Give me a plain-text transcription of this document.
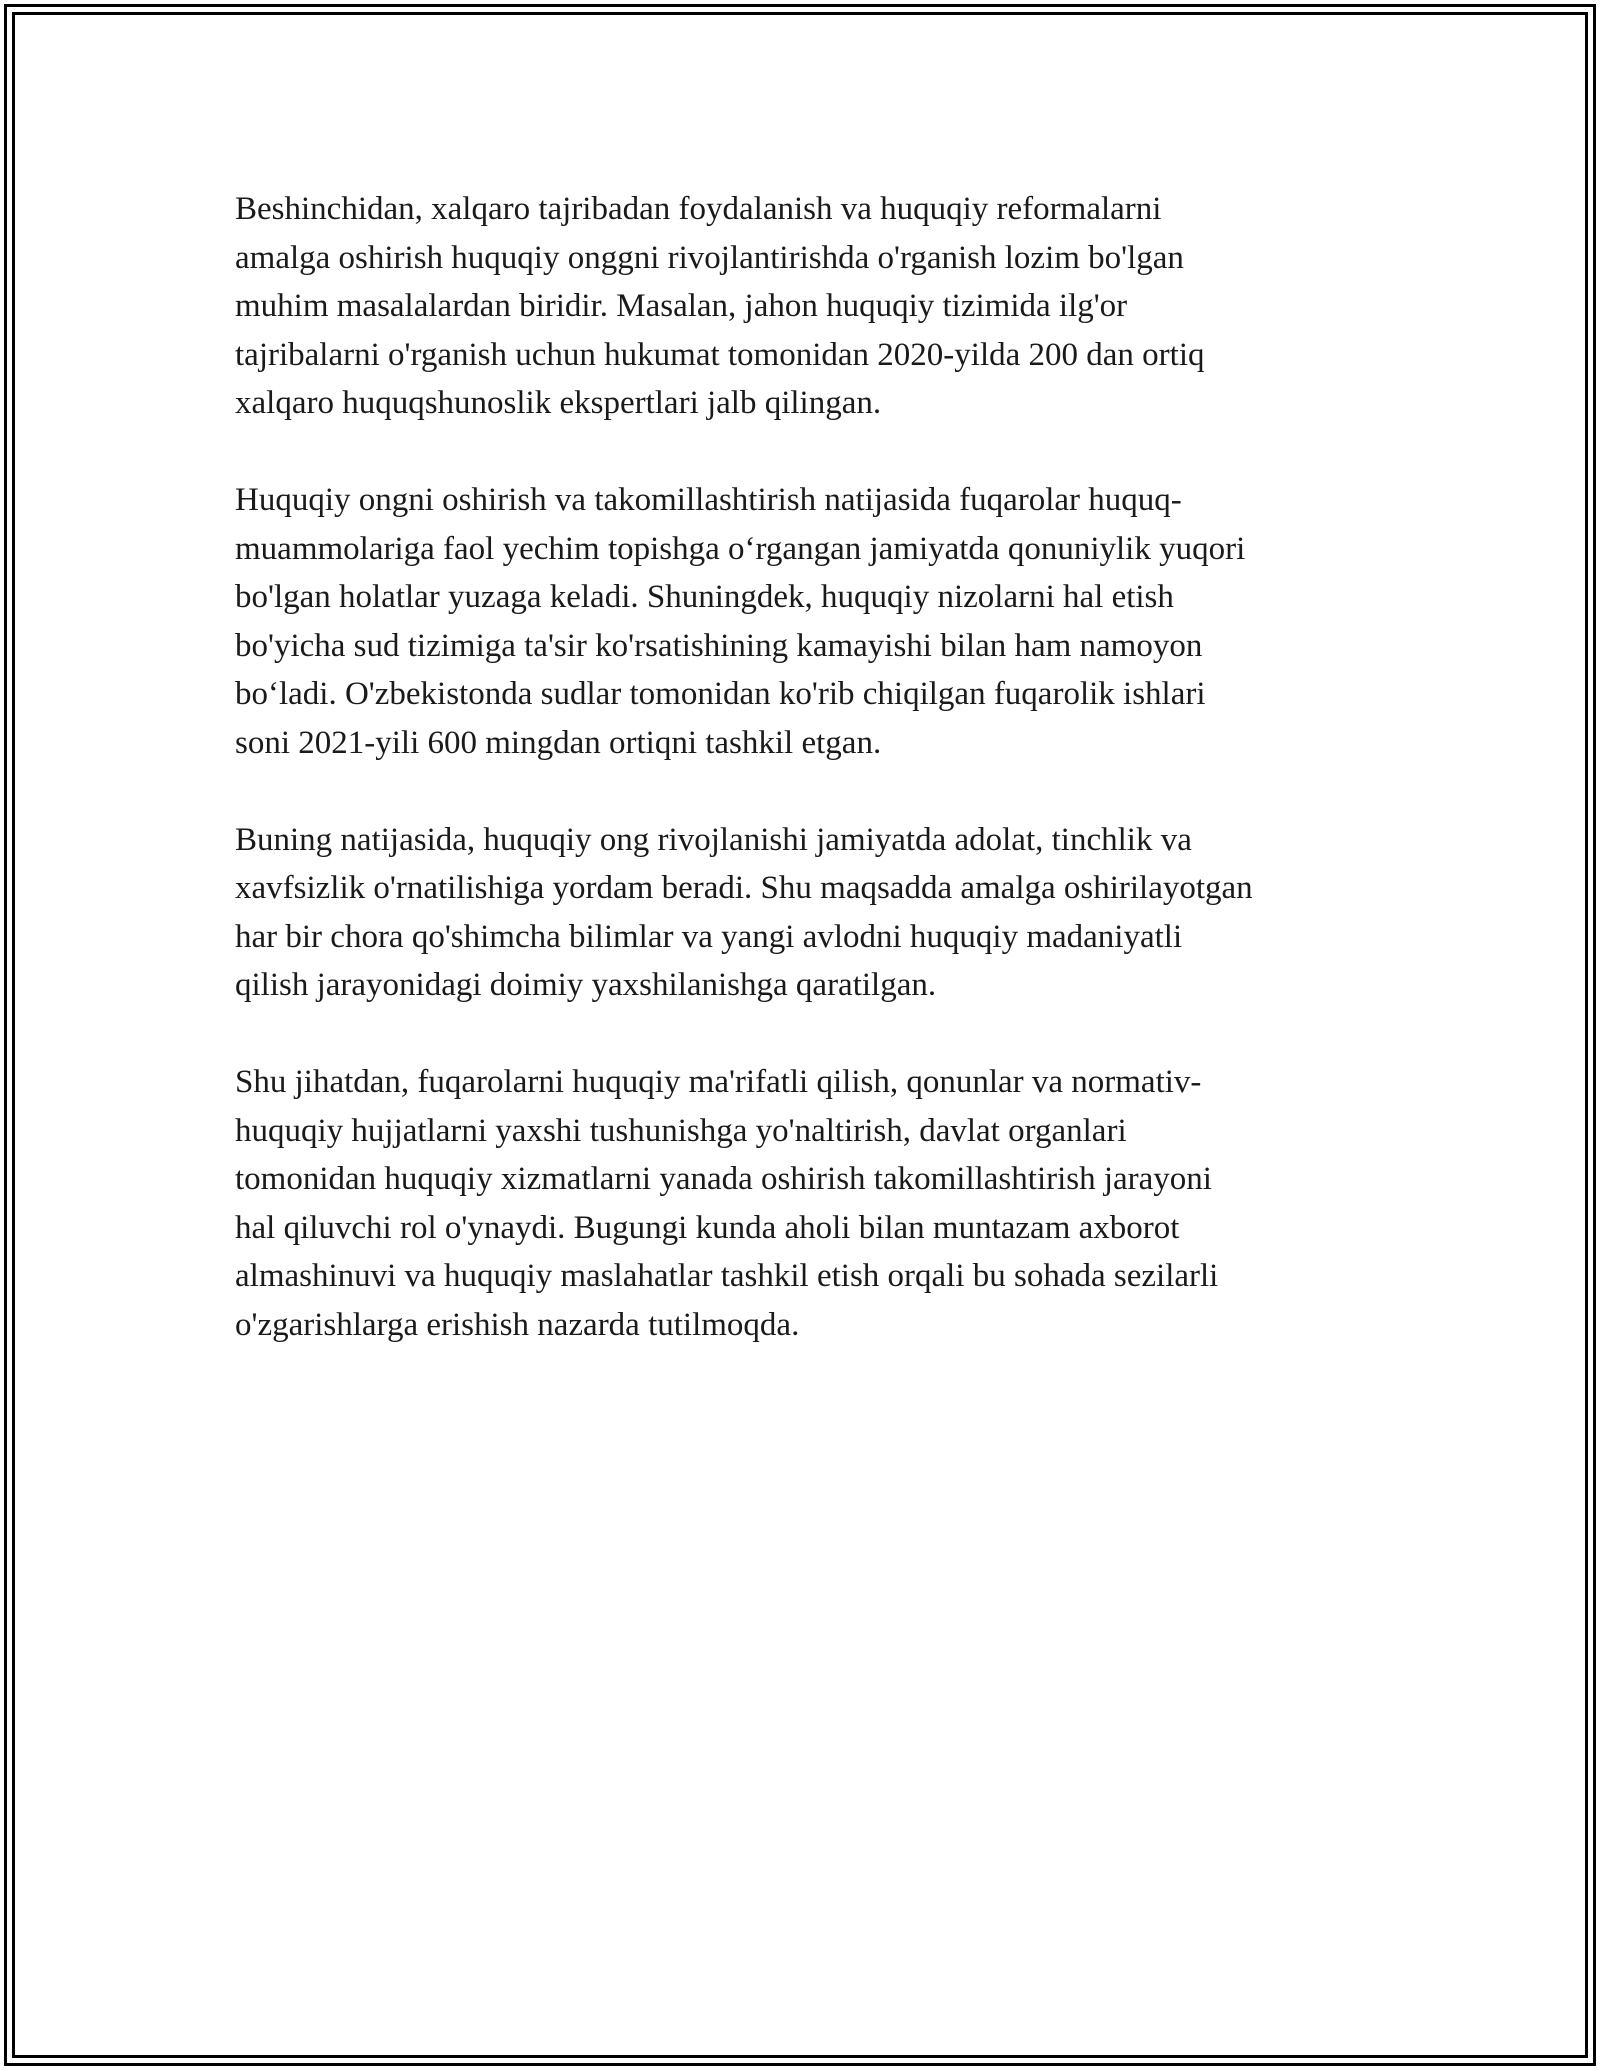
Beshinchidan, xalqaro tajribadan foydalanish va huquqiy reformalarni
amalga oshirish huquqiy onggni rivojlantirishda o'rganish lozim bo'lgan
muhim masalalardan biridir. Masalan, jahon huquqiy tizimida ilg'or
tajribalarni o'rganish uchun hukumat tomonidan 2020-yilda 200 dan ortiq
xalqaro huquqshunoslik ekspertlari jalb qilingan.

Huquqiy ongni oshirish va takomillashtirish natijasida fuqarolar huquq-
muammolariga faol yechim topishga o‘rgangan jamiyatda qonuniylik yuqori
bo'lgan holatlar yuzaga keladi. Shuningdek, huquqiy nizolarni hal etish
bo'yicha sud tizimiga ta'sir ko'rsatishining kamayishi bilan ham namoyon
bo‘ladi. O'zbekistonda sudlar tomonidan ko'rib chiqilgan fuqarolik ishlari
soni 2021-yili 600 mingdan ortiqni tashkil etgan.

Buning natijasida, huquqiy ong rivojlanishi jamiyatda adolat, tinchlik va
xavfsizlik o'rnatilishiga yordam beradi. Shu maqsadda amalga oshirilayotgan
har bir chora qo'shimcha bilimlar va yangi avlodni huquqiy madaniyatli
qilish jarayonidagi doimiy yaxshilanishga qaratilgan.

Shu jihatdan, fuqarolarni huquqiy ma'rifatli qilish, qonunlar va normativ-
huquqiy hujjatlarni yaxshi tushunishga yo'naltirish, davlat organlari
tomonidan huquqiy xizmatlarni yanada oshirish takomillashtirish jarayoni
hal qiluvchi rol o'ynaydi. Bugungi kunda aholi bilan muntazam axborot
almashinuvi va huquqiy maslahatlar tashkil etish orqali bu sohada sezilarli
o'zgarishlarga erishish nazarda tutilmoqda.
